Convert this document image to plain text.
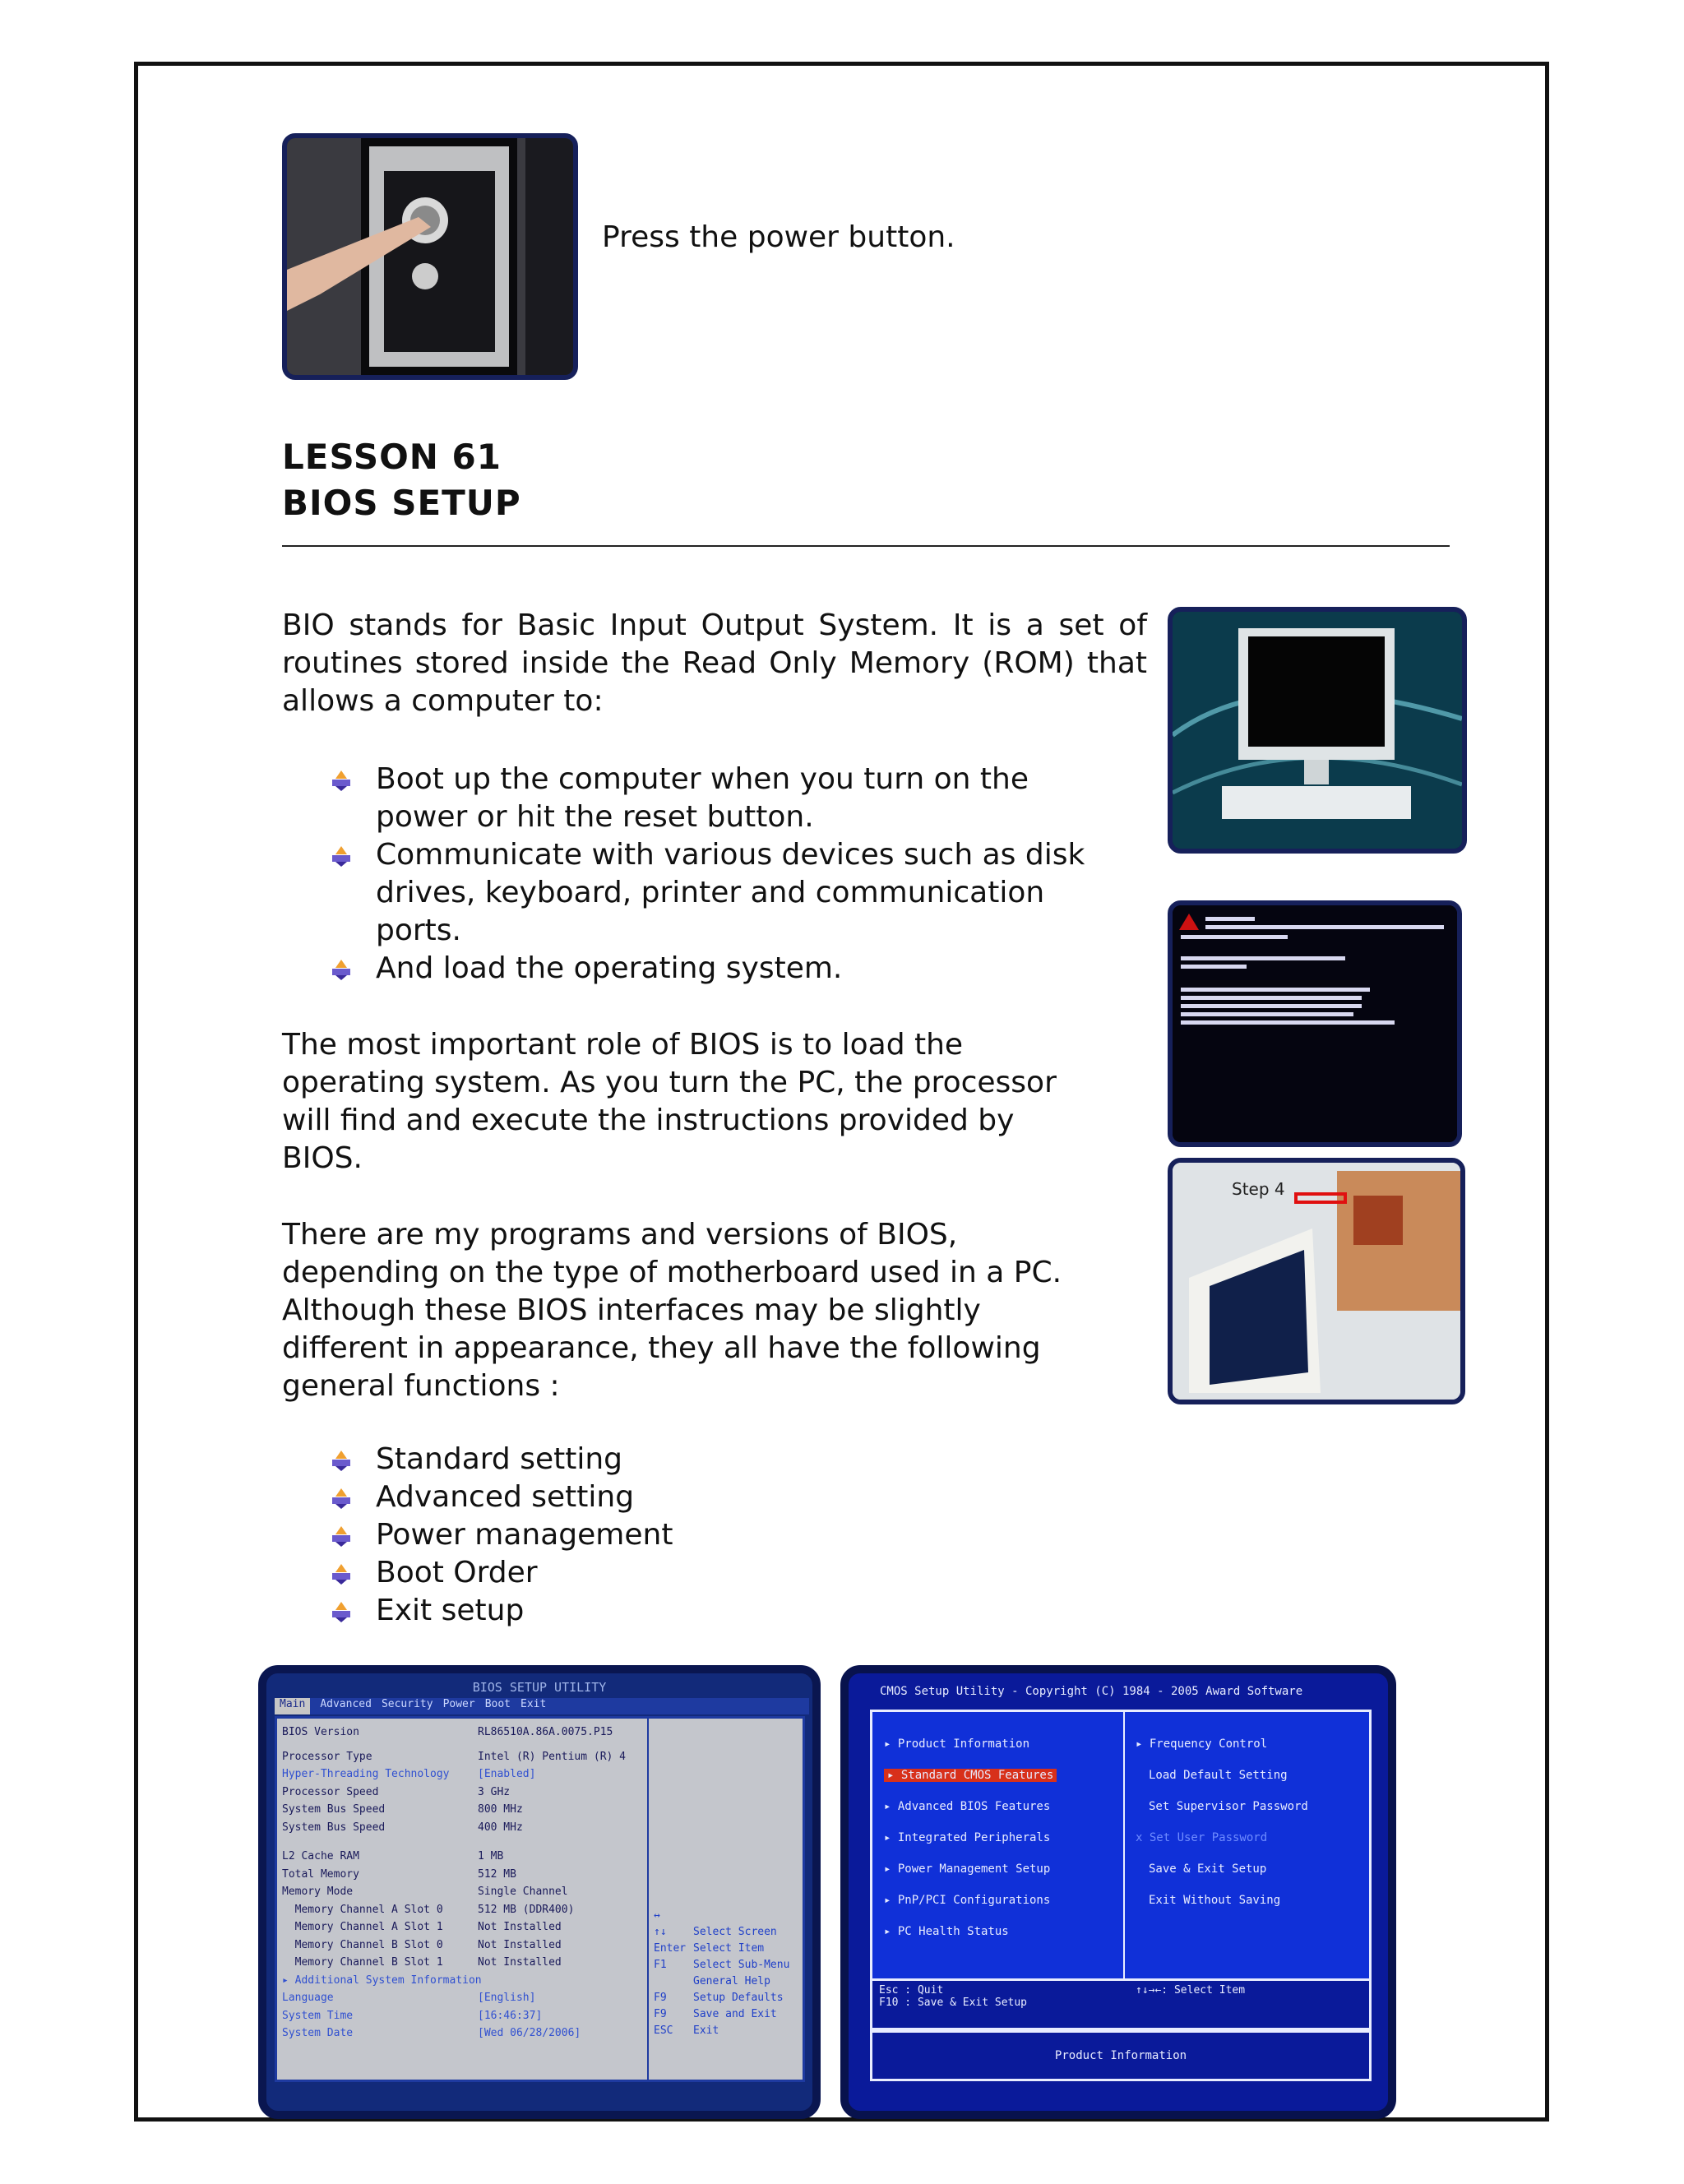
Press the power button.
LESSON 61
BIOS SETUP
BIO stands for Basic Input Output System. It is a set of routines stored inside the Read Only Memory (ROM) that allows a computer to:
Boot up the computer when you turn on the
power or hit the reset button.
Communicate with various devices such as disk
drives, keyboard, printer and communication
ports.
And load the operating system.
The most important role of BIOS is to load the
operating system. As you turn the PC, the processor
will find and execute the instructions provided by
BIOS.
There are my programs and versions of BIOS,
depending on the type of motherboard used in a PC.
Although these BIOS interfaces may be slightly
different in appearance, they all have the following
general functions :
Standard setting
Advanced setting
Power management
Boot Order
Exit setup
Step 4
BIOS SETUP UTILITY
Main	Advanced Security Power Boot Exit
BIOS Version	RL86510A.86A.0075.P15
Processor Type	Intel (R) Pentium (R) 4
Hyper-Threading Technology	[Enabled]
Processor Speed	3 GHz
System Bus Speed	800 MHz
System Bus Speed	400 MHz
L2 Cache RAM	1 MB
Total Memory	512 MB
Memory Mode	Single Channel
Memory Channel A Slot 0	512 MB (DDR400)
Memory Channel A Slot 1	Not Installed
Memory Channel B Slot 0	Not Installed
Memory Channel B Slot 1	Not Installed
▸ Additional System Information
Language	[English]
System Time	[16:46:37]
System Date	[Wed 06/28/2006]
↔
↑↓	Select Screen
Enter Select Item
F1	Select Sub-Menu
General Help
F9	Setup Defaults
F9	Save and Exit
ESC	Exit
CMOS Setup Utility - Copyright (C) 1984 - 2005 Award Software
▸ Product Information
▸ Standard CMOS Features
▸ Advanced BIOS Features
▸ Integrated Peripherals
▸ Power Management Setup
▸ PnP/PCI Configurations
▸ PC Health Status
▸ Frequency Control
Load Default Setting
Set Supervisor Password
x Set User Password
Save & Exit Setup
Exit Without Saving
Esc : Quit
F10 : Save & Exit Setup
↑↓→←: Select Item
Product Information
